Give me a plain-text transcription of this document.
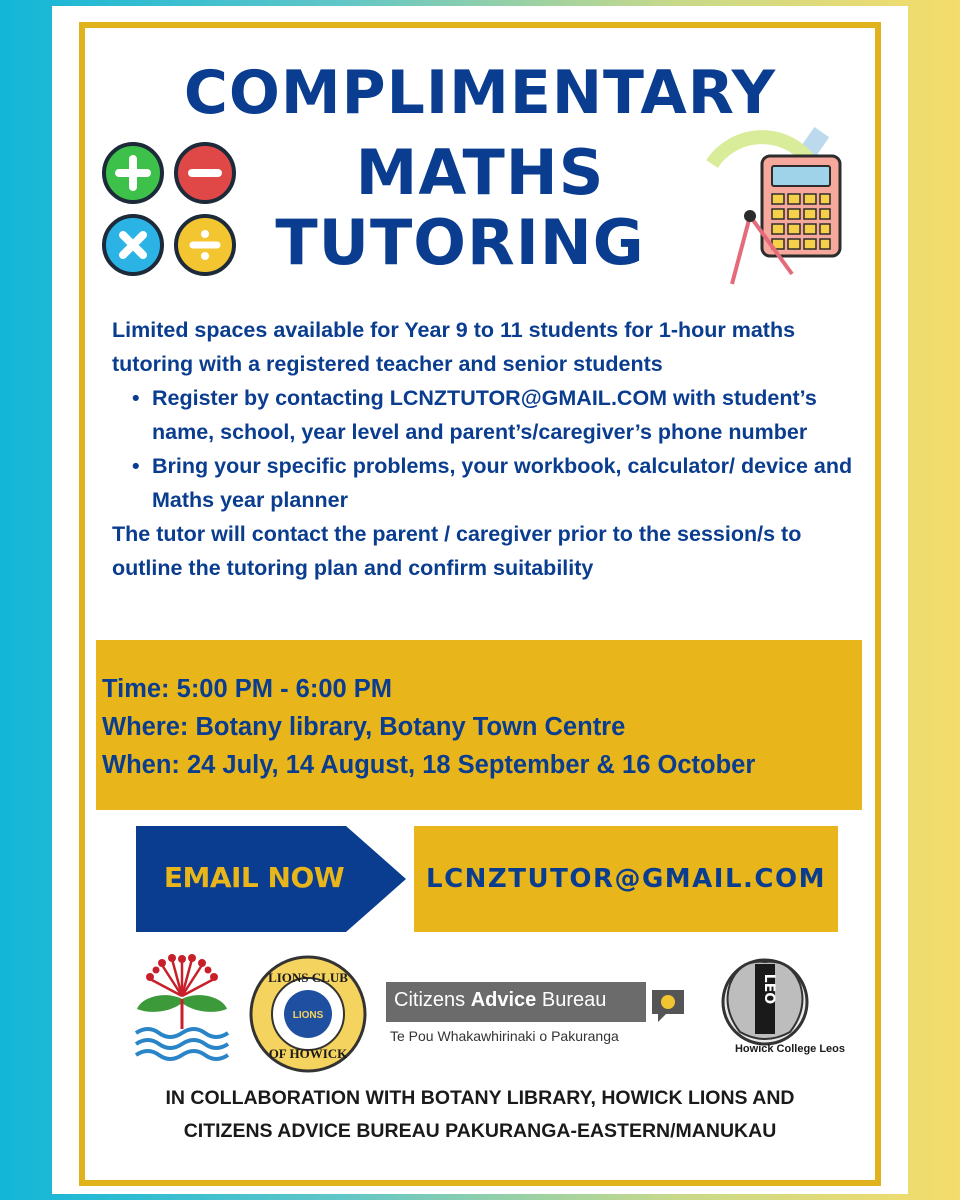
COMPLIMENTARY
MATHS
TUTORING

Limited spaces available for Year 9 to 11 students for 1-hour maths tutoring with a registered teacher and senior students

• Register by contacting LCNZTUTOR@GMAIL.COM with student’s name, school, year level and parent’s/caregiver’s phone number
• Bring your specific problems, your workbook, calculator/ device and Maths year planner

The tutor will contact the parent / caregiver prior to the session/s to outline the tutoring plan and confirm suitability

Time: 5:00 PM - 6:00 PM
Where: Botany library, Botany Town Centre
When: 24 July, 14 August, 18 September & 16 October
EMAIL NOW	LCNZTUTOR@GMAIL.COM
LIONS CLUB
OF HOWICK
LIONS
Citizens Advice Bureau
Te Pou Whakawhirinaki o Pakuranga
LEO
Howick College Leos
IN COLLABORATION WITH BOTANY LIBRARY, HOWICK LIONS AND
CITIZENS ADVICE BUREAU PAKURANGA-EASTERN/MANUKAU
